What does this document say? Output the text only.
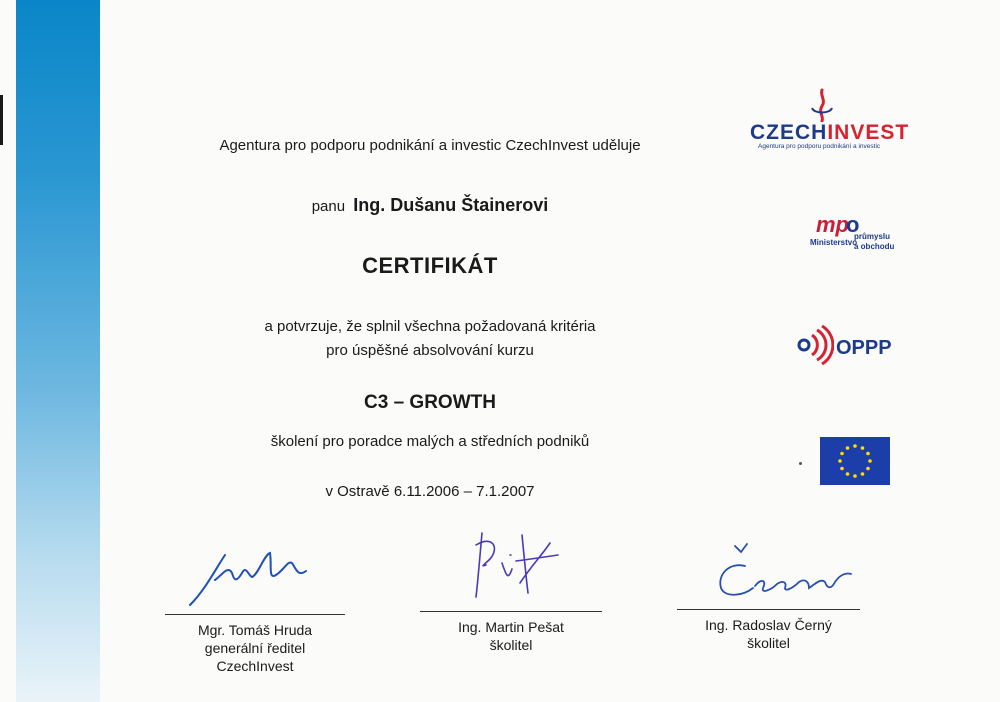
Agentura pro podporu podnikání a investic CzechInvest uděluje
panu Ing. Dušanu Štainerovi
CERTIFIKÁT
a potvrzuje, že splnil všechna požadovaná kritéria
pro úspěšné absolvování kurzu
C3 – GROWTH
školení pro poradce malých a středních podniků
v Ostravě 6.11.2006 – 7.1.2007
Mgr. Tomáš Hruda
generální ředitel
CzechInvest
Ing. Martin Pešat
školitel
Ing. Radoslav Černý
školitel
CZECHINVEST
Agentura pro podporu podnikání a investic
mp
o
Ministerstvo
průmyslu
a obchodu
OPPP
